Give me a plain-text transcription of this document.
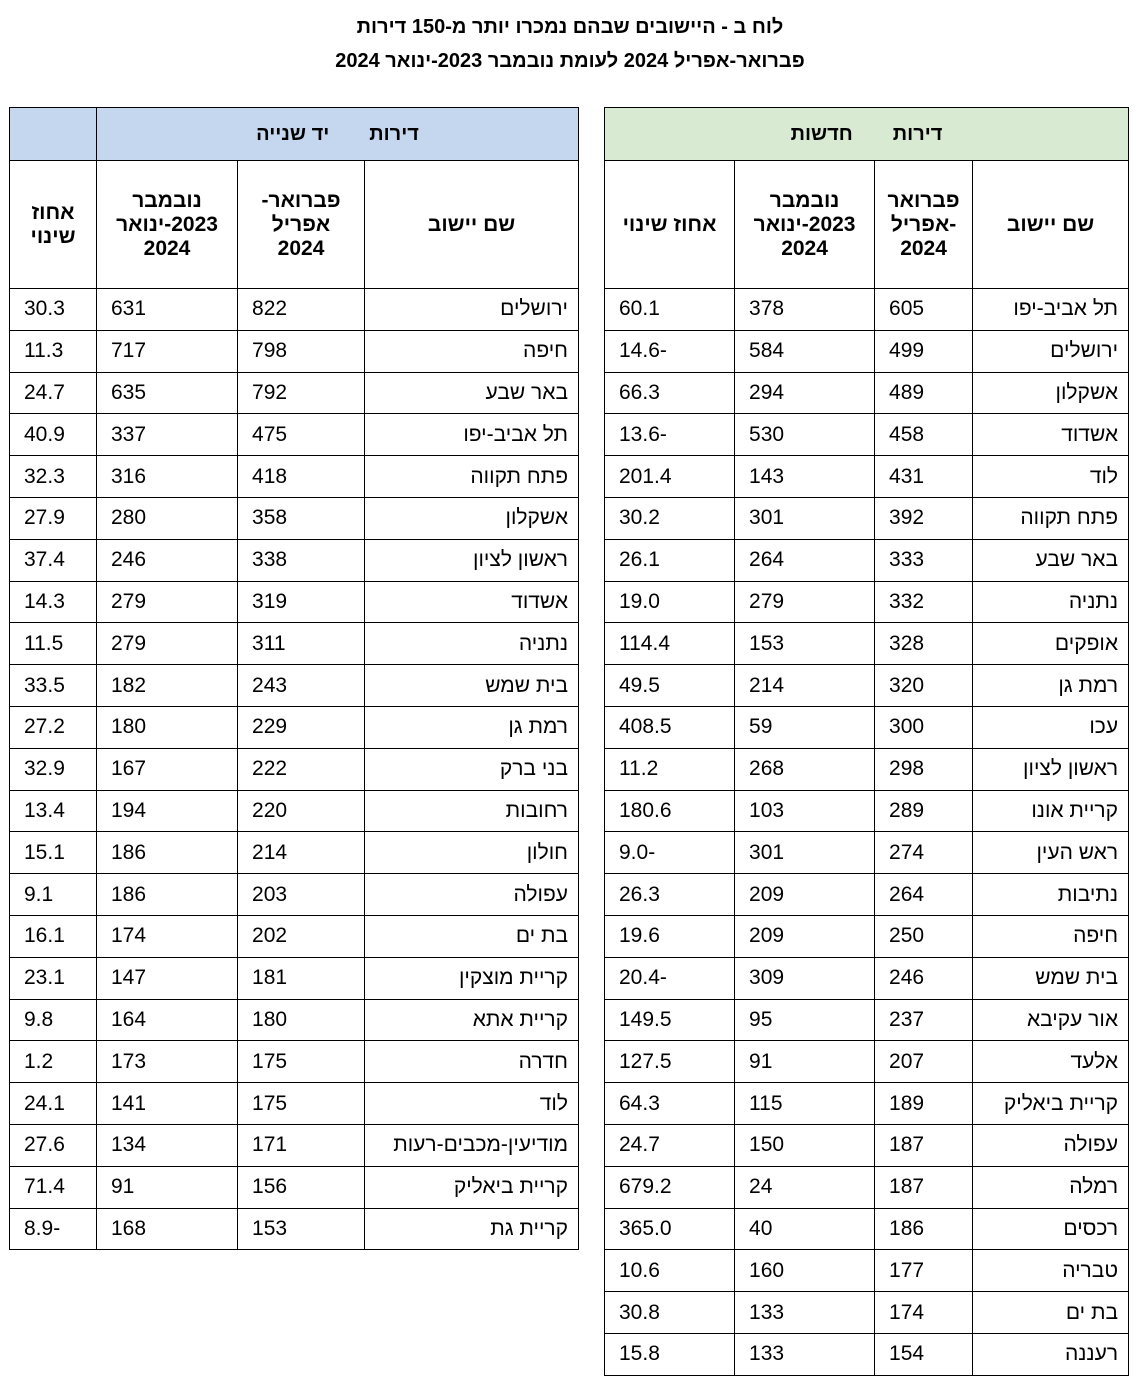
לוח ב - היישובים שבהם נמכרו יותר מ-150 דירות
פברואר-אפריל 2024 לעומת נובמבר 2023-ינואר 2024
דירותחדשות			
שם יישוב	פברואר
-אפריל
2024	נובמבר
2023-ינואר
2024	אחוז שינוי
תל אביב-יפו	605	378	60.1
ירושלים	499	584	-14.6
אשקלון	489	294	66.3
אשדוד	458	530	-13.6
לוד	431	143	201.4
פתח תקווה	392	301	30.2
באר שבע	333	264	26.1
נתניה	332	279	19.0
אופקים	328	153	114.4
רמת גן	320	214	49.5
עכו	300	59	408.5
ראשון לציון	298	268	11.2
קריית אונו	289	103	180.6
ראש העין	274	301	-9.0
נתיבות	264	209	26.3
חיפה	250	209	19.6
בית שמש	246	309	-20.4
אור עקיבא	237	95	149.5
אלעד	207	91	127.5
קריית ביאליק	189	115	64.3
עפולה	187	150	24.7
רמלה	187	24	679.2
רכסים	186	40	365.0
טבריה	177	160	10.6
בת ים	174	133	30.8
רעננה	154	133	15.8
דירותיד שנייה			
שם יישוב	פברואר-
אפריל
2024	נובמבר
2023-ינואר
2024	אחוז
שינוי
ירושלים	822	631	30.3
חיפה	798	717	11.3
באר שבע	792	635	24.7
תל אביב-יפו	475	337	40.9
פתח תקווה	418	316	32.3
אשקלון	358	280	27.9
ראשון לציון	338	246	37.4
אשדוד	319	279	14.3
נתניה	311	279	11.5
בית שמש	243	182	33.5
רמת גן	229	180	27.2
בני ברק	222	167	32.9
רחובות	220	194	13.4
חולון	214	186	15.1
עפולה	203	186	9.1
בת ים	202	174	16.1
קריית מוצקין	181	147	23.1
קריית אתא	180	164	9.8
חדרה	175	173	1.2
לוד	175	141	24.1
מודיעין-מכבים-רעות	171	134	27.6
קריית ביאליק	156	91	71.4
קריית גת	153	168	-8.9
